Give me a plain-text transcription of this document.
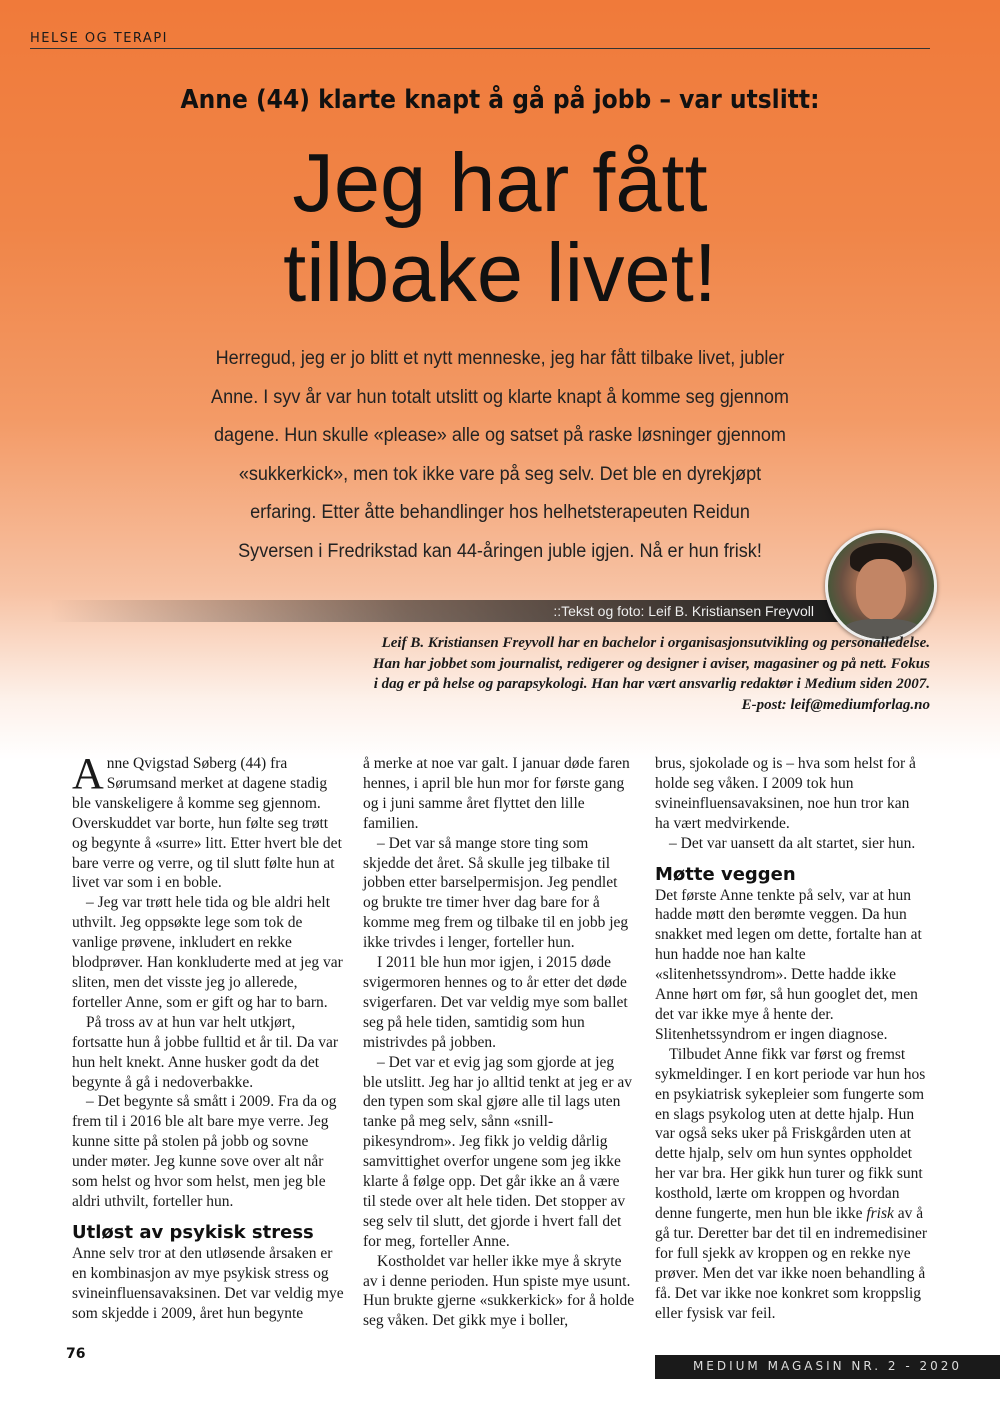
HELSE OG TERAPI
Anne (44) klarte knapt å gå på jobb – var utslitt:
Jeg har fått
tilbake livet!
Herregud, jeg er jo blitt et nytt menneske, jeg har fått tilbake livet, jubler Anne. I syv år var hun totalt utslitt og klarte knapt å komme seg gjennom dagene. Hun skulle «please» alle og satset på raske løsninger gjennom «sukkerkick», men tok ikke vare på seg selv. Det ble en dyrekjøpt erfaring. Etter åtte behandlinger hos helhetsterapeuten Reidun Syversen i Fredrikstad kan 44-åringen juble igjen. Nå er hun frisk!
::Tekst og foto: Leif B. Kristiansen Freyvoll
Leif B. Kristiansen Freyvoll har en bachelor i organisasjonsutvikling og personalledelse. Han har jobbet som journalist, redigerer og designer i aviser, magasiner og på nett. Fokus i dag er på helse og parapsykologi. Han har vært ansvarlig redaktør i Medium siden 2007. E-post: leif@mediumforlag.no

Anne Qvigstad Søberg (44) fra Sørumsand merket at dagene stadig ble vanskeligere å komme seg gjennom. Overskuddet var borte, hun følte seg trøtt og begynte å «surre» litt. Etter hvert ble det bare verre og verre, og til slutt følte hun at livet var som i en boble.

– Jeg var trøtt hele tida og ble aldri helt uthvilt. Jeg oppsøkte lege som tok de vanlige prøvene, inkludert en rekke blodprøver. Han konkluderte med at jeg var sliten, men det visste jeg jo allerede, forteller Anne, som er gift og har to barn.

På tross av at hun var helt utkjørt, fortsatte hun å jobbe fulltid et år til. Da var hun helt knekt. Anne husker godt da det begynte å gå i nedoverbakke.

– Det begynte så smått i 2009. Fra da og frem til i 2016 ble alt bare mye verre. Jeg kunne sitte på stolen på jobb og sovne under møter. Jeg kunne sove over alt når som helst og hvor som helst, men jeg ble aldri uthvilt, forteller hun.

Utløst av psykisk stress

Anne selv tror at den utløsende årsaken er en kombinasjon av mye psykisk stress og svineinfluensavaksinen. Det var veldig mye som skjedde i 2009, året hun begynte

å merke at noe var galt. I januar døde faren hennes, i april ble hun mor for første gang og i juni samme året flyttet den lille familien.

– Det var så mange store ting som skjedde det året. Så skulle jeg tilbake til jobben etter barselpermisjon. Jeg pendlet og brukte tre timer hver dag bare for å komme meg frem og tilbake til en jobb jeg ikke trivdes i lenger, forteller hun.

I 2011 ble hun mor igjen, i 2015 døde svigermoren hennes og to år etter det døde svigerfaren. Det var veldig mye som ballet seg på hele tiden, samtidig som hun mistrivdes på jobben.

– Det var et evig jag som gjorde at jeg ble utslitt. Jeg har jo alltid tenkt at jeg er av den typen som skal gjøre alle til lags uten tanke på meg selv, sånn «snill-pikesyndrom». Jeg fikk jo veldig dårlig samvittighet overfor ungene som jeg ikke klarte å følge opp. Det går ikke an å være til stede over alt hele tiden. Det stopper av seg selv til slutt, det gjorde i hvert fall det for meg, forteller Anne.

Kostholdet var heller ikke mye å skryte av i denne perioden. Hun spiste mye usunt. Hun brukte gjerne «sukkerkick» for å holde seg våken. Det gikk mye i boller,

brus, sjokolade og is – hva som helst for å holde seg våken. I 2009 tok hun svineinfluensavaksinen, noe hun tror kan ha vært medvirkende.

– Det var uansett da alt startet, sier hun.

Møtte veggen

Det første Anne tenkte på selv, var at hun hadde møtt den berømte veggen. Da hun snakket med legen om dette, fortalte han at hun hadde noe han kalte «slitenhetssyndrom». Dette hadde ikke Anne hørt om før, så hun googlet det, men det var ikke mye å hente der. Slitenhetssyndrom er ingen diagnose.

Tilbudet Anne fikk var først og fremst sykmeldinger. I en kort periode var hun hos en psykiatrisk sykepleier som fungerte som en slags psykolog uten at dette hjalp. Hun var også seks uker på Friskgården uten at dette hjalp, selv om hun syntes oppholdet her var bra. Her gikk hun turer og fikk sunt kosthold, lærte om kroppen og hvordan denne fungerte, men hun ble ikke frisk av å gå tur. Deretter bar det til en indremedisiner for full sjekk av kroppen og en rekke nye prøver. Men det var ikke noen behandling å få. Det var ikke noe konkret som kroppslig eller fysisk var feil.

76
MEDIUM MAGASIN NR. 2 - 2020
